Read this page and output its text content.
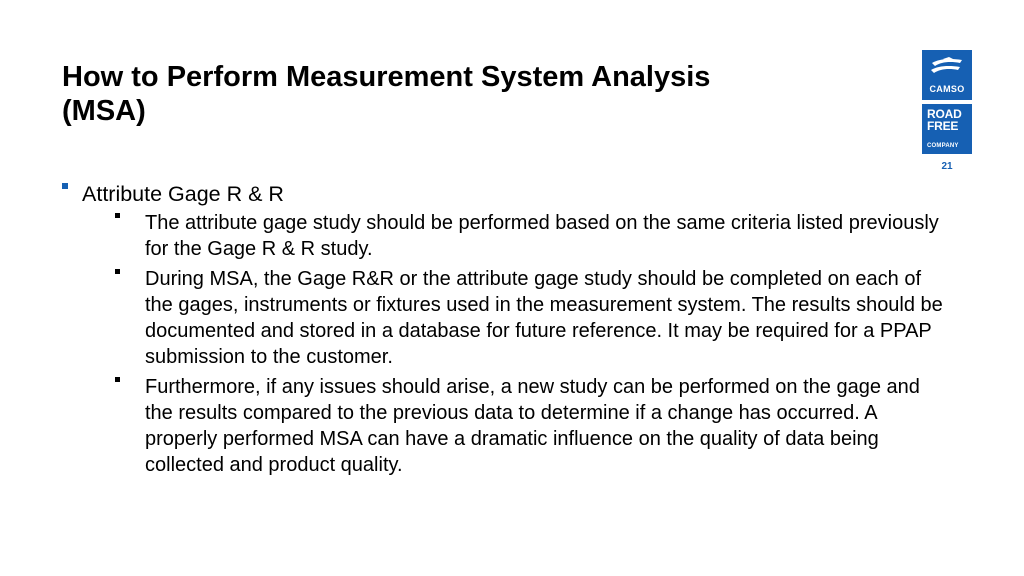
How to Perform Measurement System Analysis
(MSA)
CAMSO
ROAD
FREE
COMPANY
21
Attribute Gage R & R
The attribute gage study should be performed based on the same criteria listed previously for the Gage R & R study.
During MSA, the Gage R&R or the attribute gage study should be completed on each of the gages, instruments or fixtures used in the measurement system. The results should be documented and stored in a database for future reference. It may be required for a PPAP submission to the customer.
Furthermore, if any issues should arise, a new study can be performed on the gage and the results compared to the previous data to determine if a change has occurred. A properly performed MSA can have a dramatic influence on the quality of data being collected and product quality.
